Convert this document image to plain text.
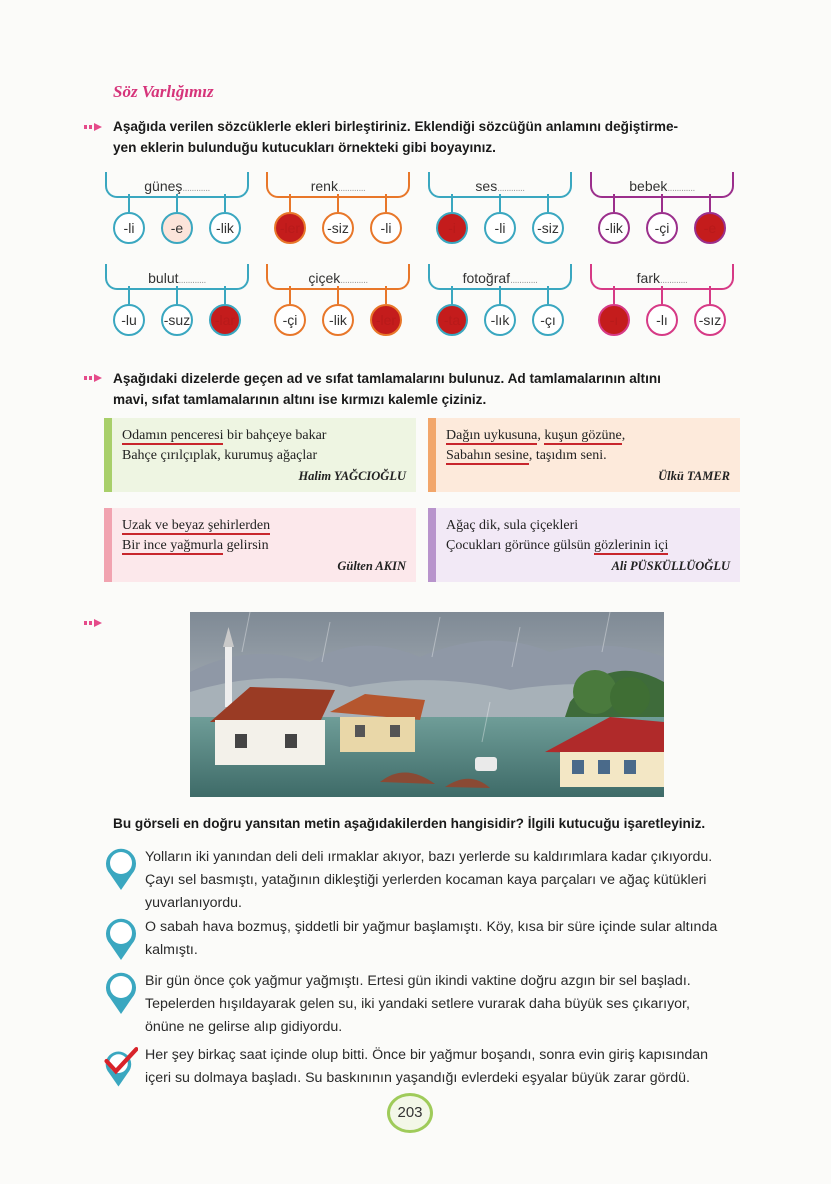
Söz Varlığımız
Aşağıda verilen sözcüklerle ekleri birleştiriniz. Eklendiği sözcüğün anlamını değiştirme-
yen eklerin bulunduğu kutucukları örnekteki gibi boyayınız.
güneş............
-li	-e	-lik
renk............
-ler	-siz	-li
ses............
-i	-li	-siz
bebek............
-lik	-çi	-e
bulut............
-lu	-suz	-lar
çiçek............
-çi	-lik	-ler
fotoğraf............
-ta	-lık	-çı
fark............
-ı	-lı	-sız
Aşağıdaki dizelerde geçen ad ve sıfat tamlamalarını bulunuz. Ad tamlamalarının altını
mavi, sıfat tamlamalarının altını ise kırmızı kalemle çiziniz.
Odamın penceresi bir bahçeye bakar
Bahçe çırılçıplak, kurumuş ağaçlar
Halim YAĞCIOĞLU
Dağın uykusuna, kuşun gözüne,
Sabahın sesine, taşıdım seni.
Ülkü TAMER
Uzak ve beyaz şehirlerden
Bir ince yağmurla gelirsin
Gülten AKIN
Ağaç dik, sula çiçekleri
Çocukları görünce gülsün gözlerinin içi
Ali PÜSKÜLLÜOĞLU
Bu görseli en doğru yansıtan metin aşağıdakilerden hangisidir? İlgili kutucuğu işaretleyiniz.
Yolların iki yanından deli deli ırmaklar akıyor, bazı yerlerde su kaldırımlara kadar çıkıyordu.
Çayı sel basmıştı, yatağının dikleştiği yerlerden kocaman kaya parçaları ve ağaç kütükleri
yuvarlanıyordu.
O sabah hava bozmuş, şiddetli bir yağmur başlamıştı. Köy, kısa bir süre içinde sular altında
kalmıştı.
Bir gün önce çok yağmur yağmıştı. Ertesi gün ikindi vaktine doğru azgın bir sel başladı.
Tepelerden hışıldayarak gelen su, iki yandaki setlere vurarak daha büyük ses çıkarıyor,
önüne ne gelirse alıp gidiyordu.
Her şey birkaç saat içinde olup bitti. Önce bir yağmur boşandı, sonra evin giriş kapısından
içeri su dolmaya başladı. Su baskınının yaşandığı evlerdeki eşyalar büyük zarar gördü.
203
